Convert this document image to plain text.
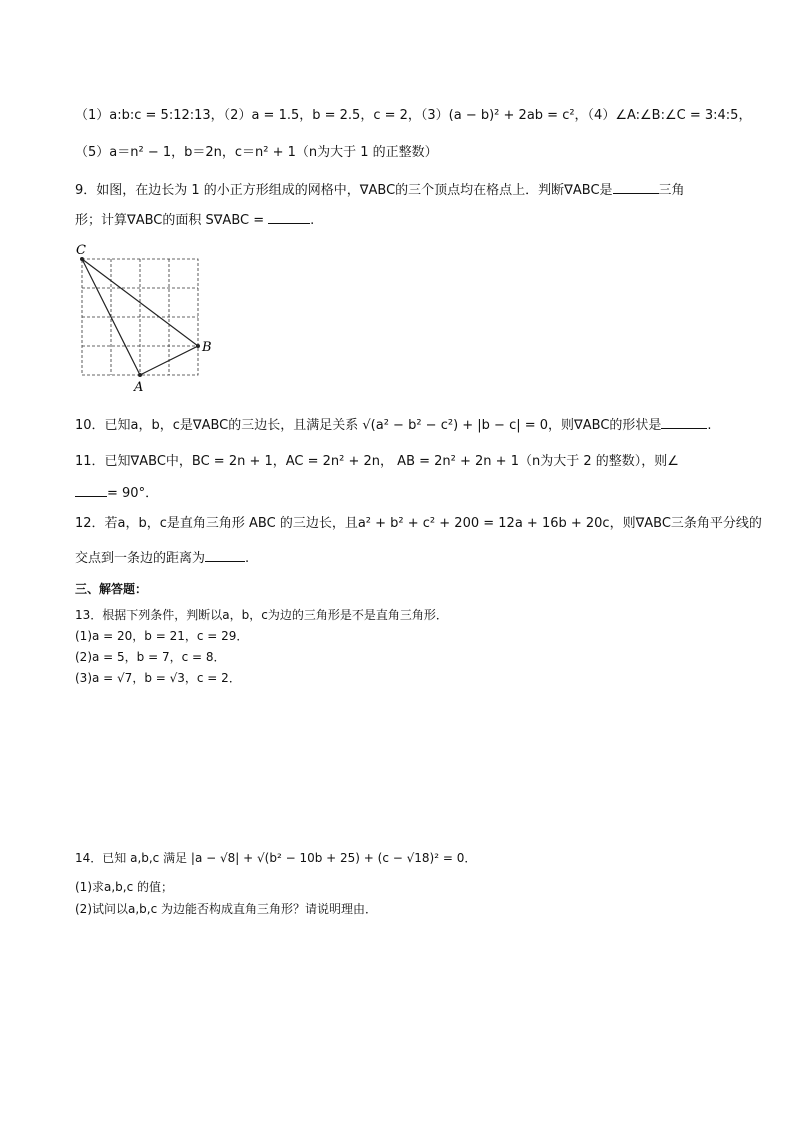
（1）a:b:c = 5:12:13，（2）a = 1.5，b = 2.5，c = 2，（3）(a − b)² + 2ab = c²，（4）∠A:∠B:∠C = 3:4:5，
（5）a＝n² − 1，b＝2n，c＝n² + 1（n为大于 1 的正整数）
9．如图，在边长为 1 的小正方形组成的网格中，∇ABC的三个顶点均在格点上．判断∇ABC是	三角
形；计算∇ABC的面积 S∇ABC =	.
C
B
A
10．已知a，b，c是∇ABC的三边长，且满足关系 √(a² − b² − c²) + |b − c| = 0，则∇ABC的形状是	.
11．已知∇ABC中，BC = 2n + 1，AC = 2n² + 2n， AB = 2n² + 2n + 1（n为大于 2 的整数），则∠
= 90°．
12．若a，b，c是直角三角形 ABC 的三边长，且a² + b² + c² + 200 = 12a + 16b + 20c，则∇ABC三条角平分线的
交点到一条边的距离为	.
三、解答题：
13．根据下列条件，判断以a，b，c为边的三角形是不是直角三角形．
(1)a = 20，b = 21，c = 29．
(2)a = 5，b = 7，c = 8．
(3)a = √7，b = √3，c = 2．
14．已知 a,b,c 满足 |a − √8| + √(b² − 10b + 25) + (c − √18)² = 0．
(1)求a,b,c 的值；
(2)试问以a,b,c 为边能否构成直角三角形？请说明理由．
